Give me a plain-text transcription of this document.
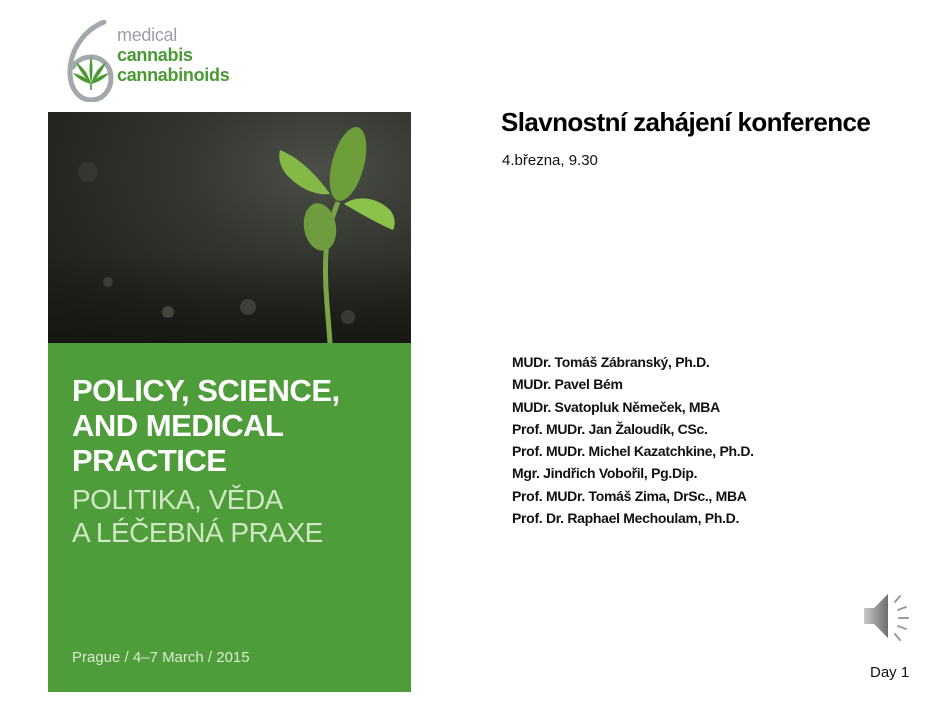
medical
cannabis
cannabinoids
POLICY, SCIENCE,
AND MEDICAL
PRACTICE
POLITIKA, VĚDA
A LÉČEBNÁ PRAXE
Prague / 4–7 March / 2015
Slavnostní zahájení konference
4.března, 9.30
MUDr. Tomáš Zábranský, Ph.D.
MUDr. Pavel Bém
MUDr. Svatopluk Němeček, MBA
Prof. MUDr. Jan Žaloudík, CSc.
Prof. MUDr. Michel Kazatchkine, Ph.D.
Mgr. Jindřich Vobořil, Pg.Dip.
Prof. MUDr. Tomáš Zima, DrSc., MBA
Prof. Dr. Raphael Mechoulam, Ph.D.
Day 1
